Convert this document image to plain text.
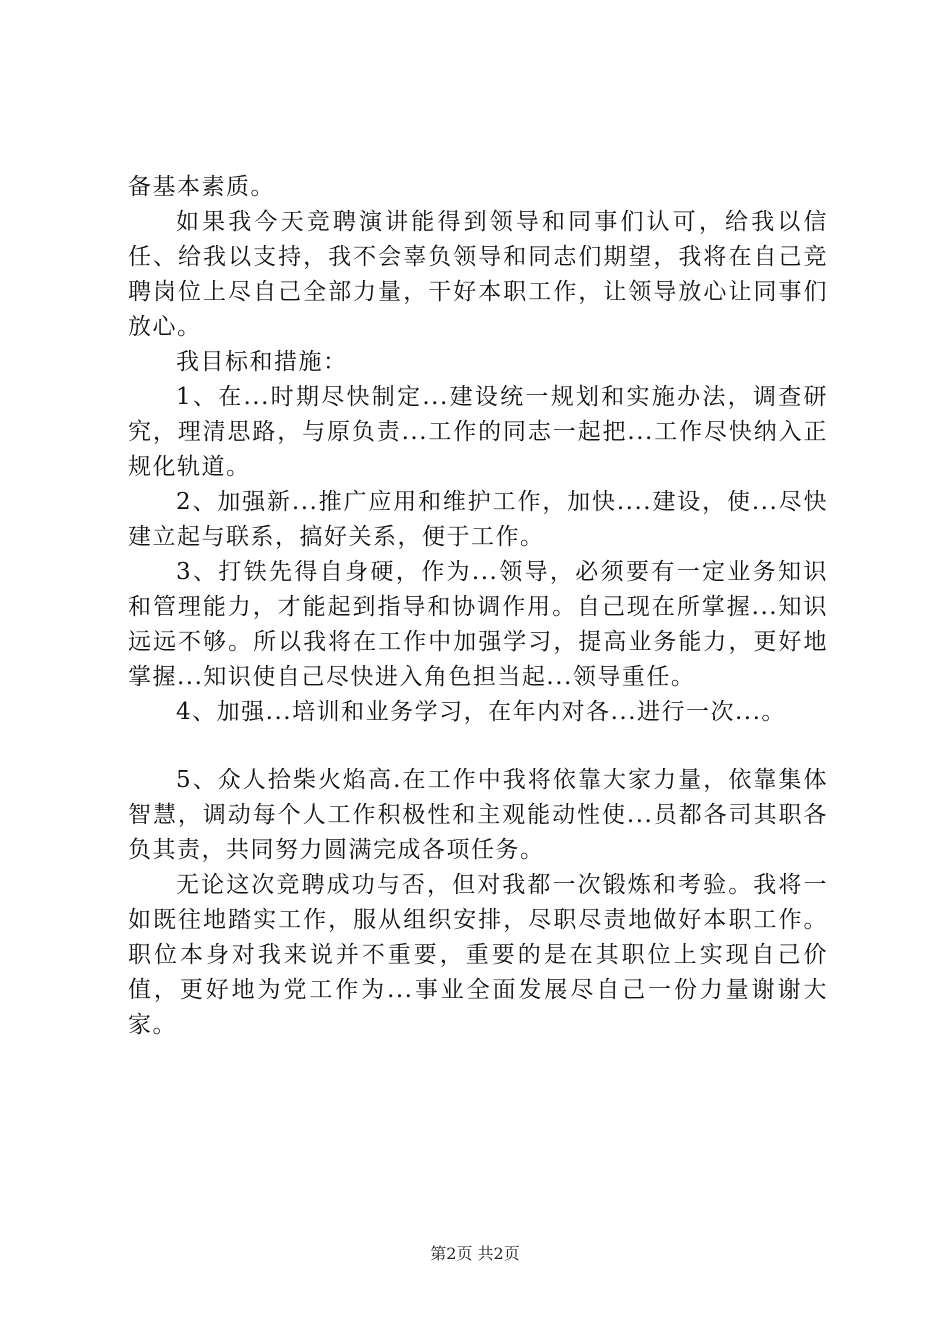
备基本素质。

如果我今天竞聘演讲能得到领导和同事们认可，给我以信任、给我以支持，我不会辜负领导和同志们期望，我将在自己竞聘岗位上尽自己全部力量，干好本职工作，让领导放心让同事们放心。

我目标和措施：

1、在...时期尽快制定...建设统一规划和实施办法，调查研究，理清思路，与原负责...工作的同志一起把...工作尽快纳入正规化轨道。

2、加强新...推广应用和维护工作，加快....建设，使...尽快建立起与联系，搞好关系，便于工作。

3、打铁先得自身硬，作为...领导，必须要有一定业务知识和管理能力，才能起到指导和协调作用。自己现在所掌握...知识远远不够。所以我将在工作中加强学习，提高业务能力，更好地掌握...知识使自己尽快进入角色担当起...领导重任。

4、加强...培训和业务学习，在年内对各...进行一次...。

5、众人拾柴火焰高.在工作中我将依靠大家力量，依靠集体智慧，调动每个人工作积极性和主观能动性使...员都各司其职各负其责，共同努力圆满完成各项任务。

无论这次竞聘成功与否，但对我都一次锻炼和考验。我将一如既往地踏实工作，服从组织安排，尽职尽责地做好本职工作。职位本身对我来说并不重要，重要的是在其职位上实现自己价值，更好地为党工作为...事业全面发展尽自己一份力量谢谢大家。

第2页 共2页
